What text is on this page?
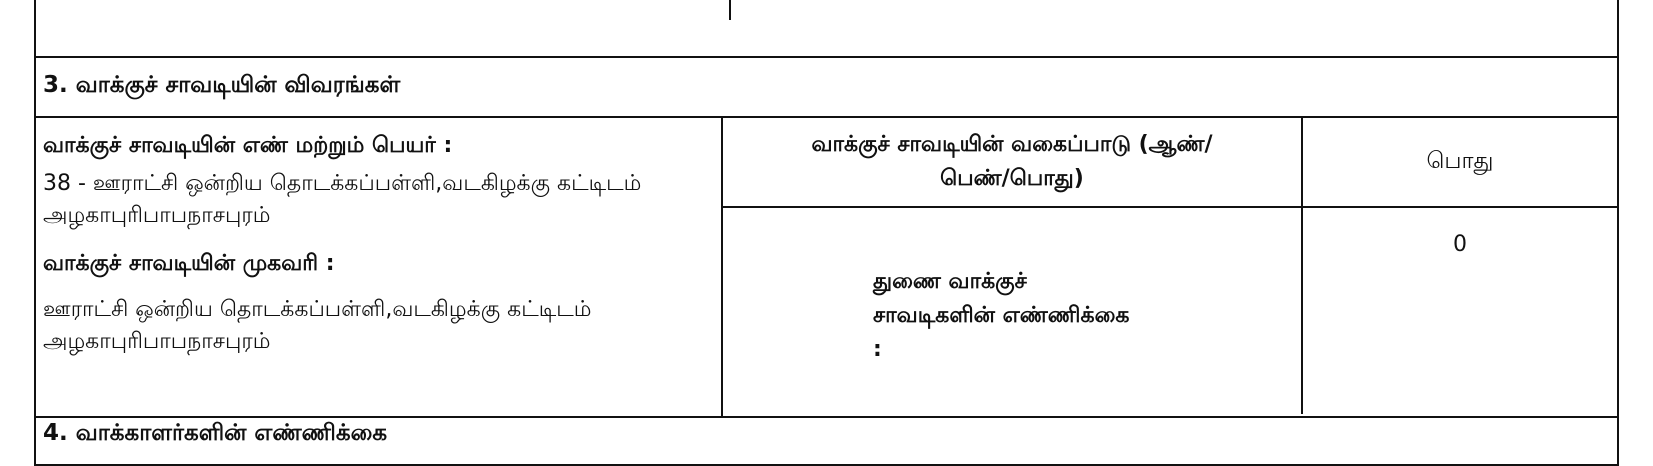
3. வாக்குச் சாவடியின் விவரங்கள்

வாக்குச் சாவடியின் எண் மற்றும் பெயர் :

38 - ஊராட்சி ஒன்றிய தொடக்கப்பள்ளி,வடகிழக்கு கட்டிடம் அழகாபுரிபாபநாசபுரம்

வாக்குச் சாவடியின் முகவரி :

ஊராட்சி ஒன்றிய தொடக்கப்பள்ளி,வடகிழக்கு கட்டிடம் அழகாபுரிபாபநாசபுரம்

வாக்குச் சாவடியின் வகைப்பாடு (ஆண்/பெண்/பொது)
பொது
துணை வாக்குச்
சாவடிகளின் எண்ணிக்கை
:
0
4. வாக்காளர்களின் எண்ணிக்கை
